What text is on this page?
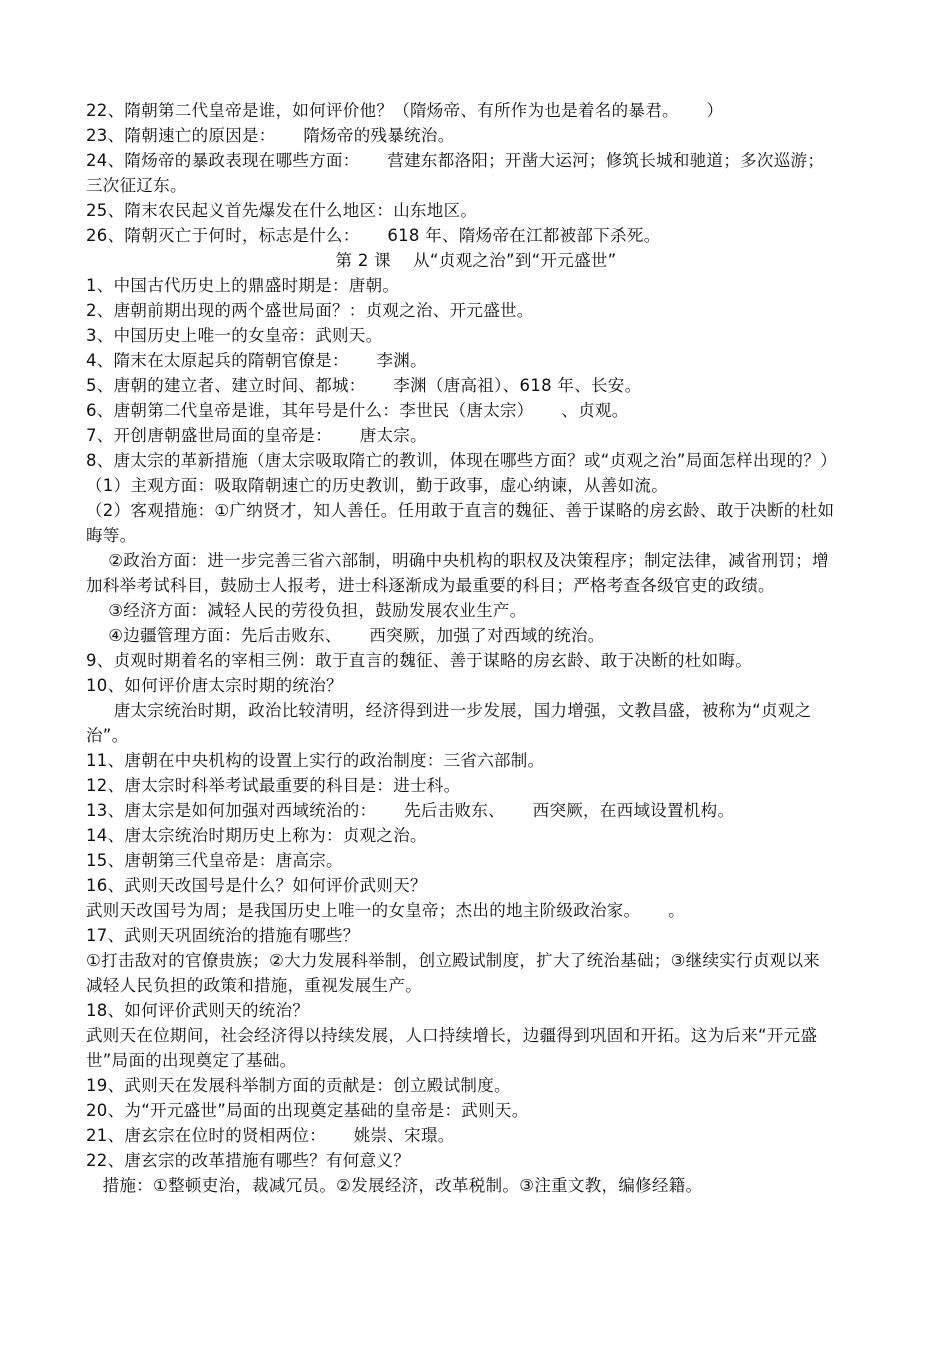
22、隋朝第二代皇帝是谁，如何评价他？（隋炀帝、有所作为也是着名的暴君。     ）

23、隋朝速亡的原因是：     隋炀帝的残暴统治。

24、隋炀帝的暴政表现在哪些方面：     营建东都洛阳；开凿大运河；修筑长城和驰道；多次巡游；三次征辽东。

25、隋末农民起义首先爆发在什么地区：山东地区。

26、隋朝灭亡于何时，标志是什么：     618 年、隋炀帝在江都被部下杀死。

第 2 课    从“贞观之治”到“开元盛世”

1、中国古代历史上的鼎盛时期是：唐朝。

2、唐朝前期出现的两个盛世局面？：贞观之治、开元盛世。

3、中国历史上唯一的女皇帝：武则天。

4、隋末在太原起兵的隋朝官僚是：     李渊。

5、唐朝的建立者、建立时间、都城：     李渊（唐高祖）、618 年、长安。

6、唐朝第二代皇帝是谁，其年号是什么：李世民（唐太宗）     、贞观。

7、开创唐朝盛世局面的皇帝是：     唐太宗。

8、唐太宗的革新措施（唐太宗吸取隋亡的教训，体现在哪些方面？或“贞观之治”局面怎样出现的？）

（1）主观方面：吸取隋朝速亡的历史教训，勤于政事，虚心纳谏，从善如流。

（2）客观措施：①广纳贤才，知人善任。任用敢于直言的魏征、善于谋略的房玄龄、敢于决断的杜如晦等。

②政治方面：进一步完善三省六部制，明确中央机构的职权及决策程序；制定法律，减省刑罚；增加科举考试科目，鼓励士人报考，进士科逐渐成为最重要的科目；严格考查各级官吏的政绩。

③经济方面：减轻人民的劳役负担，鼓励发展农业生产。

④边疆管理方面：先后击败东、     西突厥，加强了对西域的统治。

9、贞观时期着名的宰相三例：敢于直言的魏征、善于谋略的房玄龄、敢于决断的杜如晦。

10、如何评价唐太宗时期的统治？

唐太宗统治时期，政治比较清明，经济得到进一步发展，国力增强，文教昌盛，被称为“贞观之治”。

11、唐朝在中央机构的设置上实行的政治制度：三省六部制。

12、唐太宗时科举考试最重要的科目是：进士科。

13、唐太宗是如何加强对西域统治的：     先后击败东、     西突厥，在西域设置机构。

14、唐太宗统治时期历史上称为：贞观之治。

15、唐朝第三代皇帝是：唐高宗。

16、武则天改国号是什么？如何评价武则天？

武则天改国号为周；是我国历史上唯一的女皇帝；杰出的地主阶级政治家。     。

17、武则天巩固统治的措施有哪些？

①打击敌对的官僚贵族；②大力发展科举制，创立殿试制度，扩大了统治基础；③继续实行贞观以来减轻人民负担的政策和措施，重视发展生产。

18、如何评价武则天的统治？

武则天在位期间，社会经济得以持续发展，人口持续增长，边疆得到巩固和开拓。这为后来“开元盛世”局面的出现奠定了基础。

19、武则天在发展科举制方面的贡献是：创立殿试制度。

20、为“开元盛世”局面的出现奠定基础的皇帝是：武则天。

21、唐玄宗在位时的贤相两位：     姚崇、宋璟。

22、唐玄宗的改革措施有哪些？有何意义？

措施：①整顿吏治，裁减冗员。②发展经济，改革税制。③注重文教，编修经籍。
